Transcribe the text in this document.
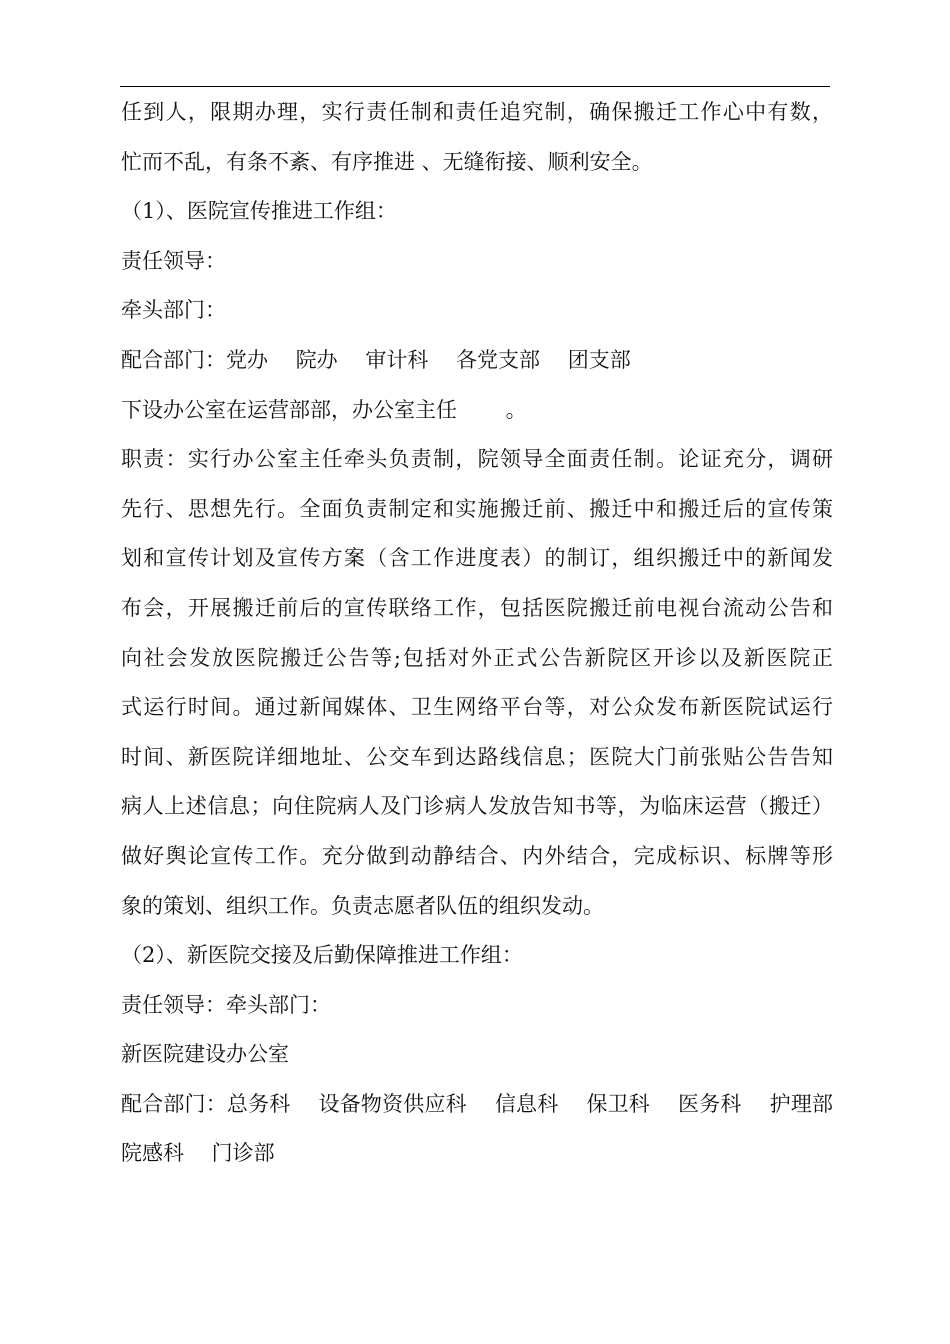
任到人，限期办理，实行责任制和责任追究制，确保搬迁工作心中有数，
忙而不乱，有条不紊、有序推进 、无缝衔接、顺利安全。
（1）、医院宣传推进工作组：
责任领导：
牵头部门：
配合部门：党办　 院办　 审计科　 各党支部　 团支部
下设办公室在运营部部，办公室主任　　 。
职责：实行办公室主任牵头负责制，院领导全面责任制。论证充分，调研
先行、思想先行。全面负责制定和实施搬迁前、搬迁中和搬迁后的宣传策
划和宣传计划及宣传方案（含工作进度表）的制订，组织搬迁中的新闻发
布会，开展搬迁前后的宣传联络工作，包括医院搬迁前电视台流动公告和
向社会发放医院搬迁公告等;包括对外正式公告新院区开诊以及新医院正
式运行时间。通过新闻媒体、卫生网络平台等，对公众发布新医院试运行
时间、新医院详细地址、公交车到达路线信息；医院大门前张贴公告告知
病人上述信息；向住院病人及门诊病人发放告知书等，为临床运营（搬迁）
做好舆论宣传工作。充分做到动静结合、内外结合，完成标识、标牌等形
象的策划、组织工作。负责志愿者队伍的组织发动。
（2）、新医院交接及后勤保障推进工作组：
责任领导：牵头部门：
新医院建设办公室
配合部门：总务科　 设备物资供应科　 信息科　 保卫科　 医务科　 护理部
院感科　 门诊部
